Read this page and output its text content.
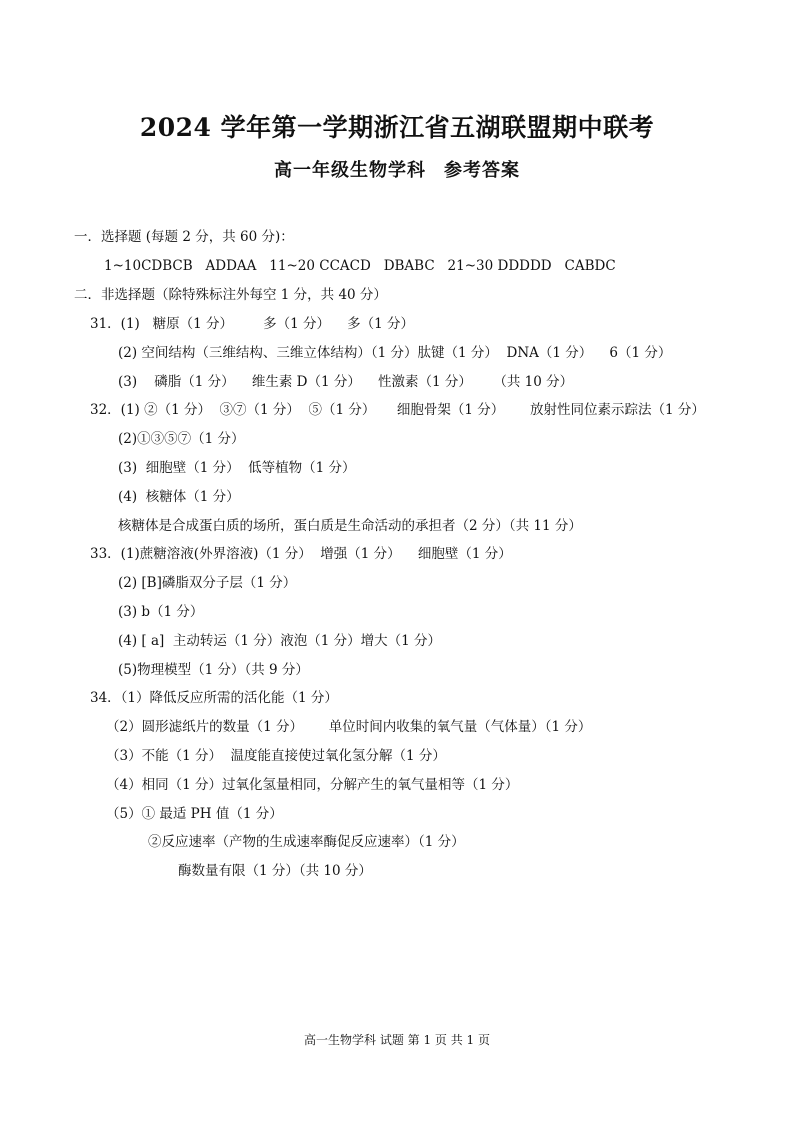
2024 学年第一学期浙江省五湖联盟期中联考
高一年级生物学科 参考答案
一．选择题 (每题 2 分，共 60 分)：
1~10CDBCB   ADDAA   11~20 CCACD   DBABC   21~30 DDDDD   CABDC
二．非选择题（除特殊标注外每空 1 分，共 40 分）
31．(1)   糖原（1 分）       多（1 分）    多（1 分）
(2) 空间结构（三维结构、三维立体结构）（1 分）肽键（1 分）  DNA（1 分）    6（1 分）
(3)    磷脂（1 分）    维生素 D（1 分）    性激素（1 分）     （共 10 分）
32．(1) ②（1 分）  ③⑦（1 分）  ⑤（1 分）     细胞骨架（1 分）      放射性同位素示踪法（1 分）
(2)①③⑤⑦（1 分）
(3)  细胞壁（1 分）  低等植物（1 分）
(4)  核糖体（1 分）
核糖体是合成蛋白质的场所，蛋白质是生命活动的承担者（2 分）（共 11 分）
33．(1)蔗糖溶液(外界溶液)（1 分）  增强（1 分）    细胞壁（1 分）
(2) [B]磷脂双分子层（1 分）
(3) b（1 分）
(4) [ a]  主动转运（1 分）液泡（1 分）增大（1 分）
(5)物理模型（1 分）（共 9 分）
34．（1）降低反应所需的活化能（1 分）
（2）圆形滤纸片的数量（1 分）      单位时间内收集的氧气量（气体量）（1 分）
（3）不能（1 分）  温度能直接使过氧化氢分解（1 分）
（4）相同（1 分）过氧化氢量相同，分解产生的氧气量相等（1 分）
（5）① 最适 PH 值（1 分）
②反应速率（产物的生成速率酶促反应速率）（1 分）
酶数量有限（1 分）（共 10 分）
高一生物学科 试题 第 1 页 共 1 页
